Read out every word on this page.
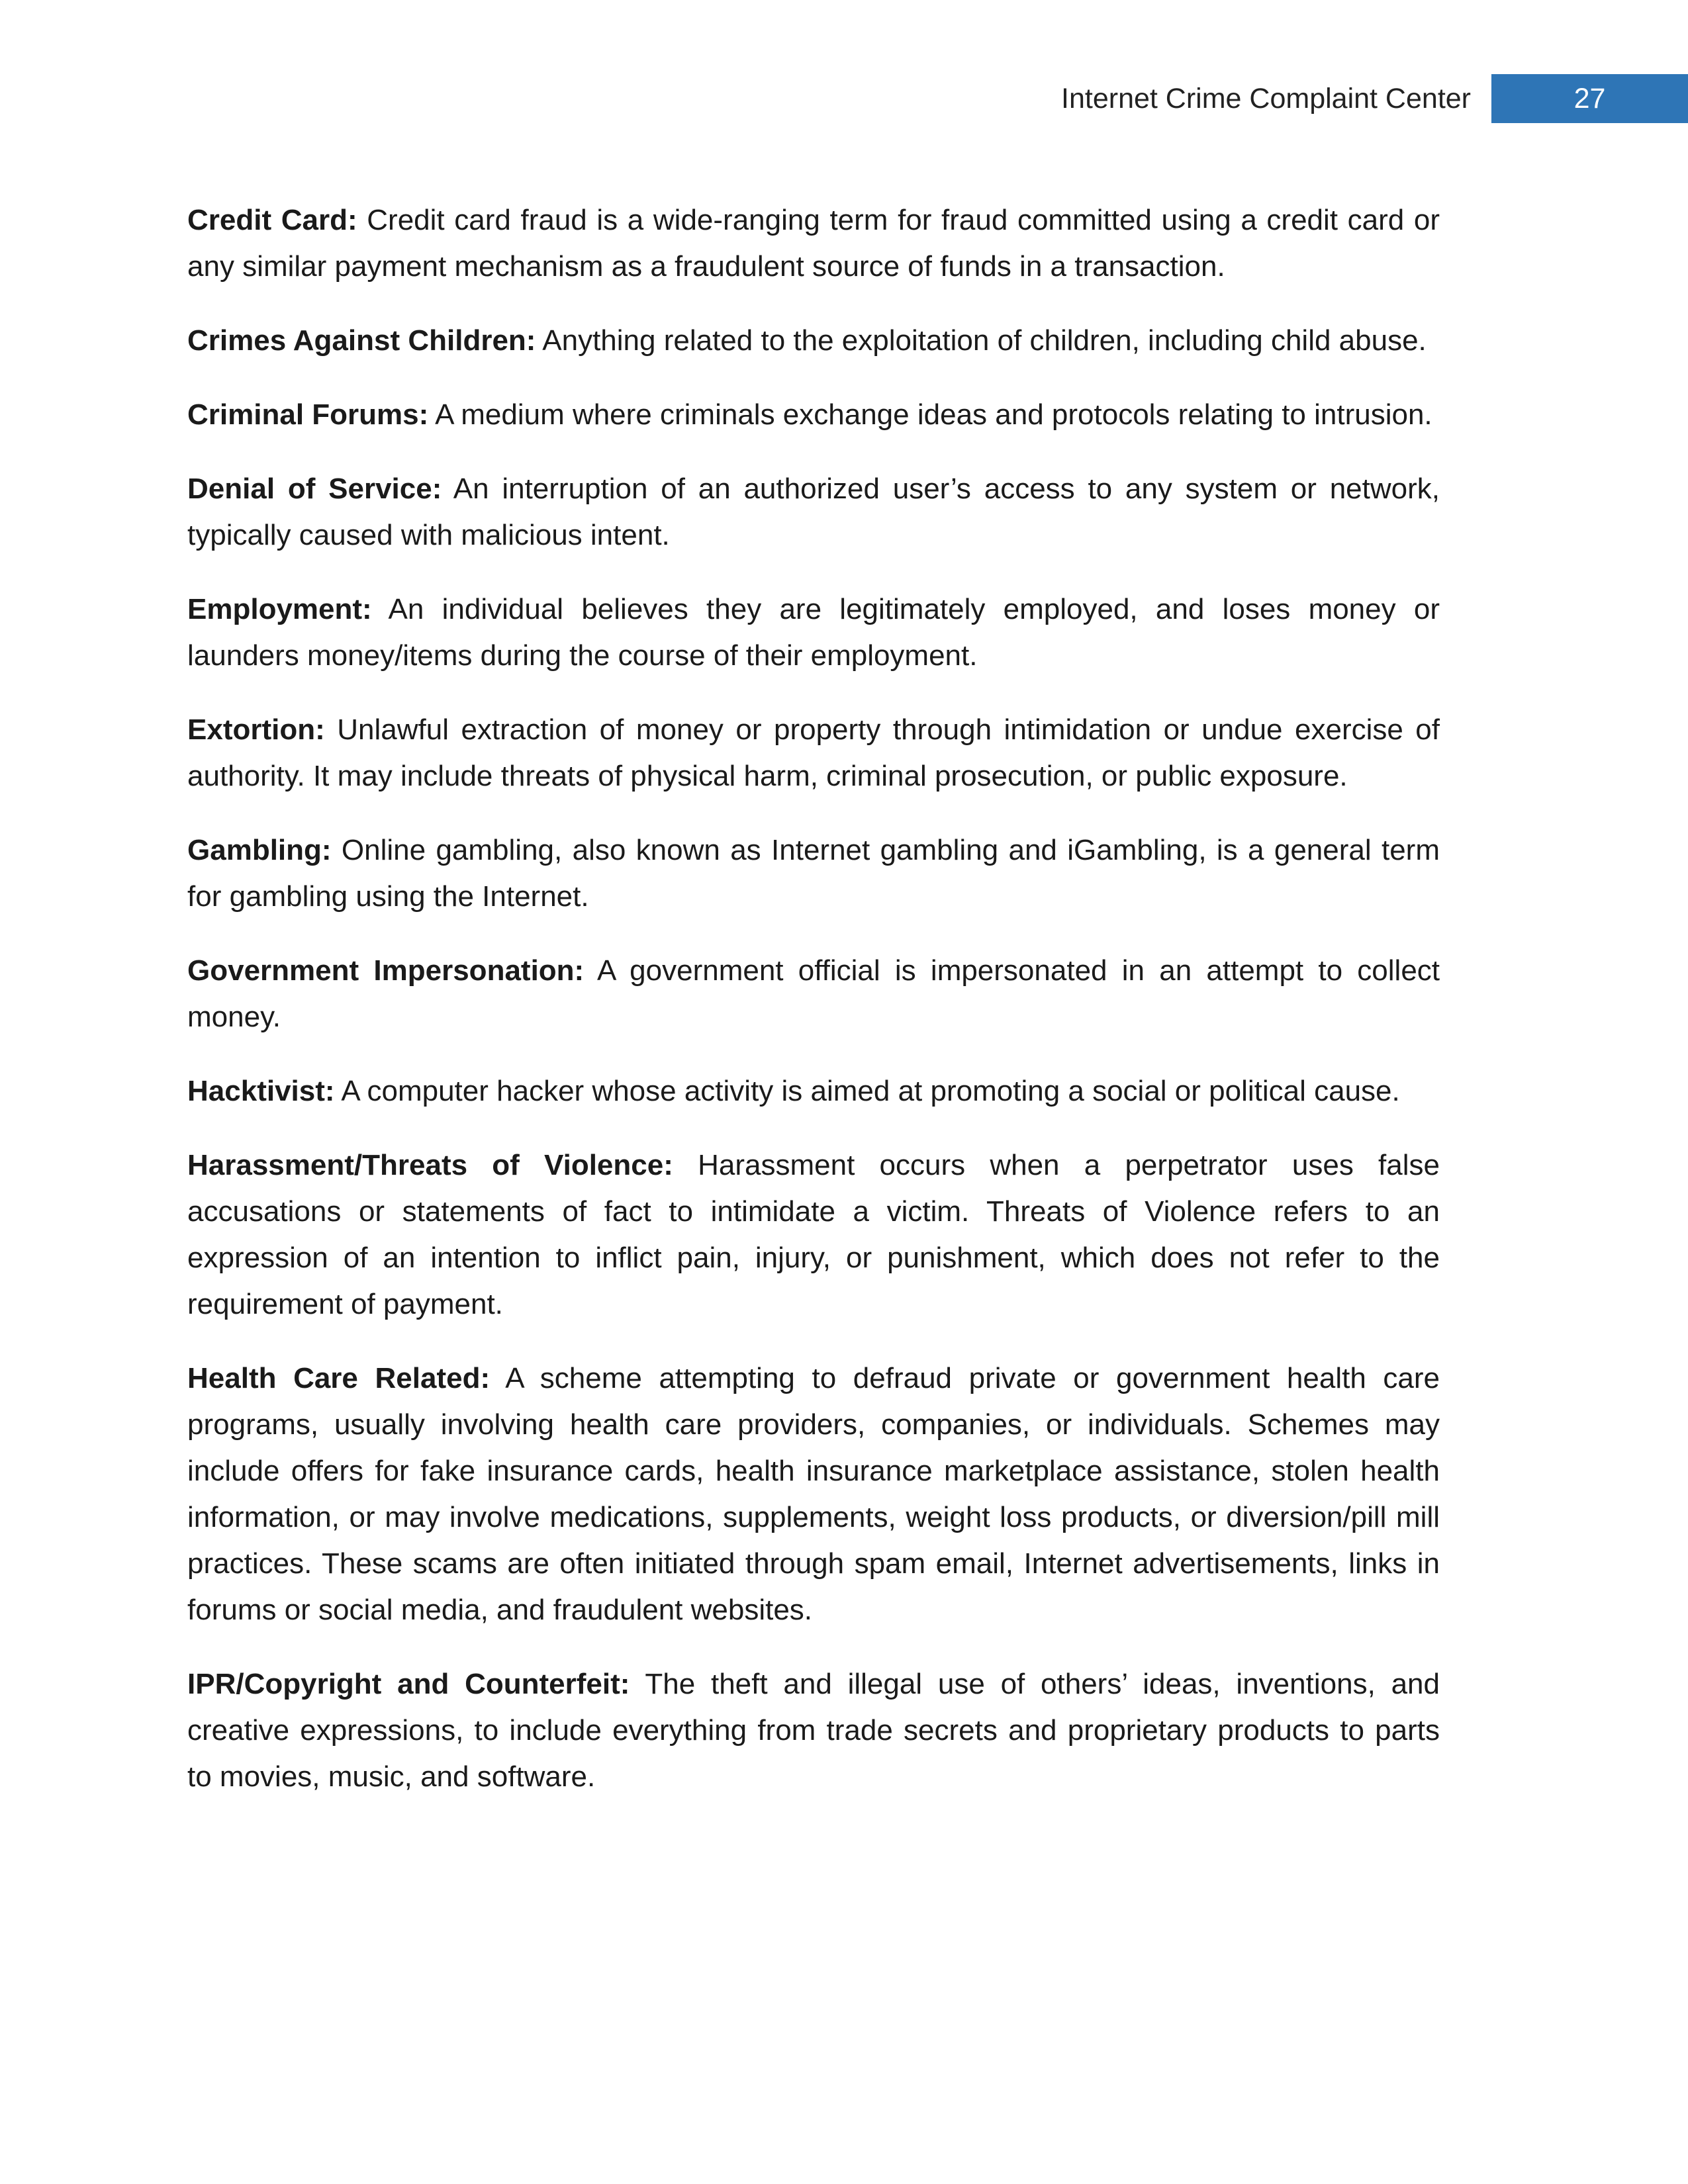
Internet Crime Complaint Center	27

Credit Card: Credit card fraud is a wide-ranging term for fraud committed using a credit card or any similar payment mechanism as a fraudulent source of funds in a transaction.

Crimes Against Children: Anything related to the exploitation of children, including child abuse.

Criminal Forums: A medium where criminals exchange ideas and protocols relating to intrusion.

Denial of Service: An interruption of an authorized user’s access to any system or network, typically caused with malicious intent.

Employment: An individual believes they are legitimately employed, and loses money or launders money/items during the course of their employment.

Extortion: Unlawful extraction of money or property through intimidation or undue exercise of authority. It may include threats of physical harm, criminal prosecution, or public exposure.

Gambling: Online gambling, also known as Internet gambling and iGambling, is a general term for gambling using the Internet.

Government Impersonation: A government official is impersonated in an attempt to collect money.

Hacktivist: A computer hacker whose activity is aimed at promoting a social or political cause.

Harassment/Threats of Violence: Harassment occurs when a perpetrator uses false accusations or statements of fact to intimidate a victim. Threats of Violence refers to an expression of an intention to inflict pain, injury, or punishment, which does not refer to the requirement of payment.

Health Care Related: A scheme attempting to defraud private or government health care programs, usually involving health care providers, companies, or individuals. Schemes may include offers for fake insurance cards, health insurance marketplace assistance, stolen health information, or may involve medications, supplements, weight loss products, or diversion/pill mill practices. These scams are often initiated through spam email, Internet advertisements, links in forums or social media, and fraudulent websites.

IPR/Copyright and Counterfeit: The theft and illegal use of others’ ideas, inventions, and creative expressions, to include everything from trade secrets and proprietary products to parts to movies, music, and software.
